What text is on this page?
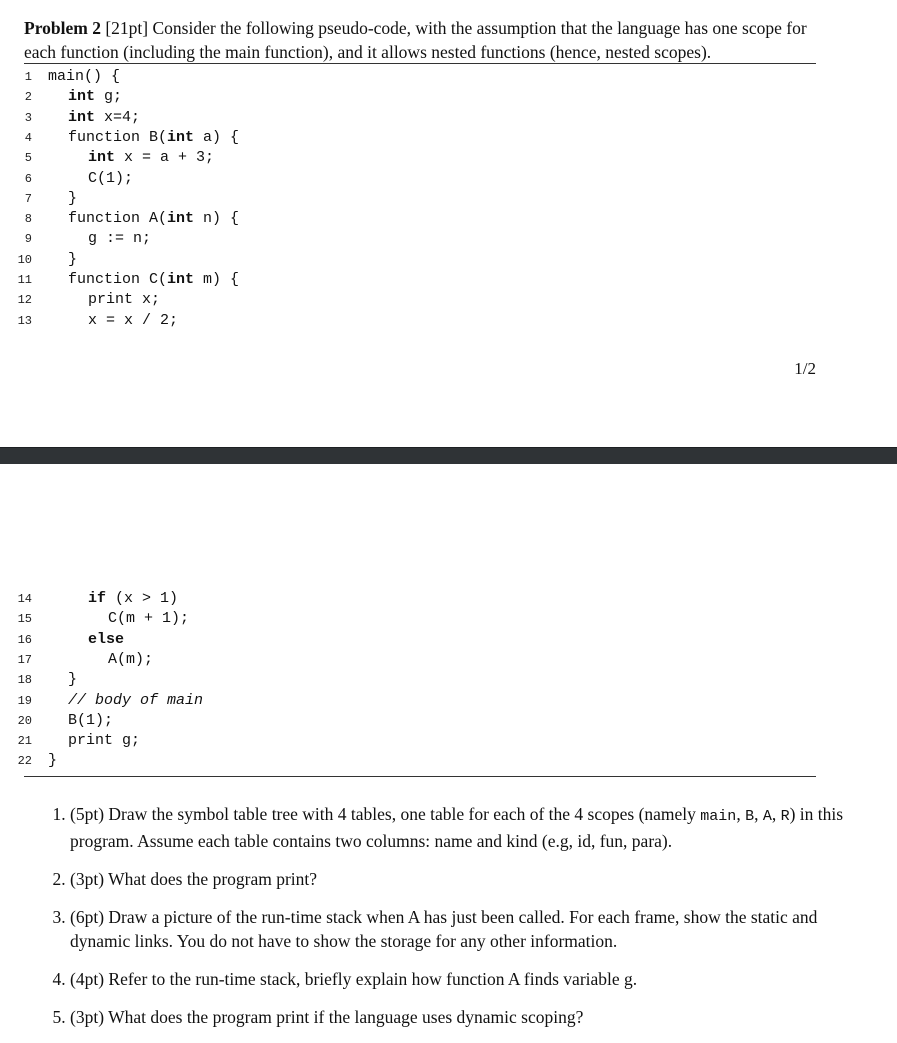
Problem 2 [21pt] Consider the following pseudo-code, with the assumption that the language has one scope for each function (including the main function), and it allows nested functions (hence, nested scopes).

1 main() {
2 int g;
3 int x=4;
4 function B(int a) {
5	int x = a + 3;
6	C(1);
7 }
8 function A(int n) {
9	g := n;
10 }
11 function C(int m) {
12	print x;
13	x = x / 2;
1/2
14	if (x > 1)
15	C(m + 1);
16	else
17	A(m);
18 }
19 // body of main
20 B(1);
21 print g;
22 }
1. (5pt) Draw the symbol table tree with 4 tables, one table for each of the 4 scopes (namely main, B, A, R) in this program. Assume each table contains two columns: name and kind (e.g, id, fun, para).
2. (3pt) What does the program print?
3. (6pt) Draw a picture of the run-time stack when A has just been called. For each frame, show the static and dynamic links. You do not have to show the storage for any other information.
4. (4pt) Refer to the run-time stack, briefly explain how function A finds variable g.
5. (3pt) What does the program print if the language uses dynamic scoping?
